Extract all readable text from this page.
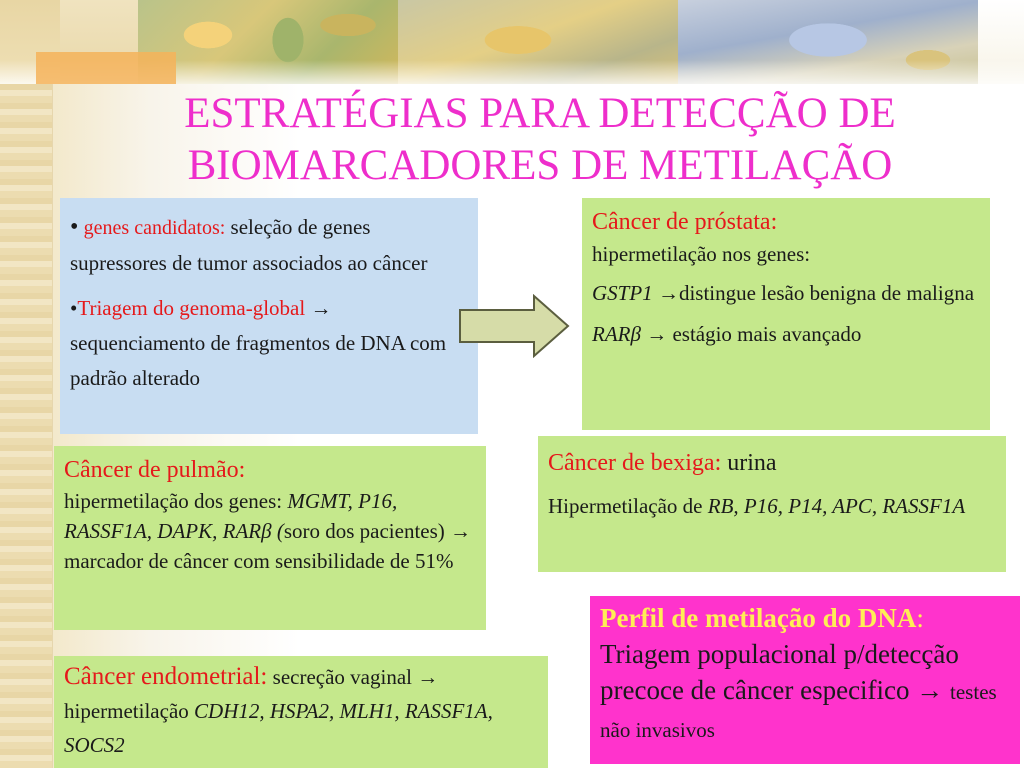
ESTRATÉGIAS PARA DETECÇÃO DE
BIOMARCADORES DE METILAÇÃO

• genes candidatos: seleção de genes supressores de tumor associados ao câncer

•Triagem do genoma-global → sequenciamento de fragmentos de DNA com padrão alterado

Câncer de próstata:

hipermetilação nos genes:

GSTP1 →distingue lesão benigna de maligna

RARβ → estágio mais avançado

Câncer de pulmão:

hipermetilação dos genes: MGMT, P16, RASSF1A, DAPK, RARβ (soro dos pacientes) → marcador de câncer com sensibilidade de 51%

Câncer de bexiga: urina

Hipermetilação de RB, P16, P14, APC, RASSF1A

Câncer endometrial: secreção vaginal → hipermetilação CDH12, HSPA2, MLH1, RASSF1A, SOCS2

Perfil de metilação do DNA: Triagem populacional p/detecção precoce de câncer especifico → testes não invasivos
